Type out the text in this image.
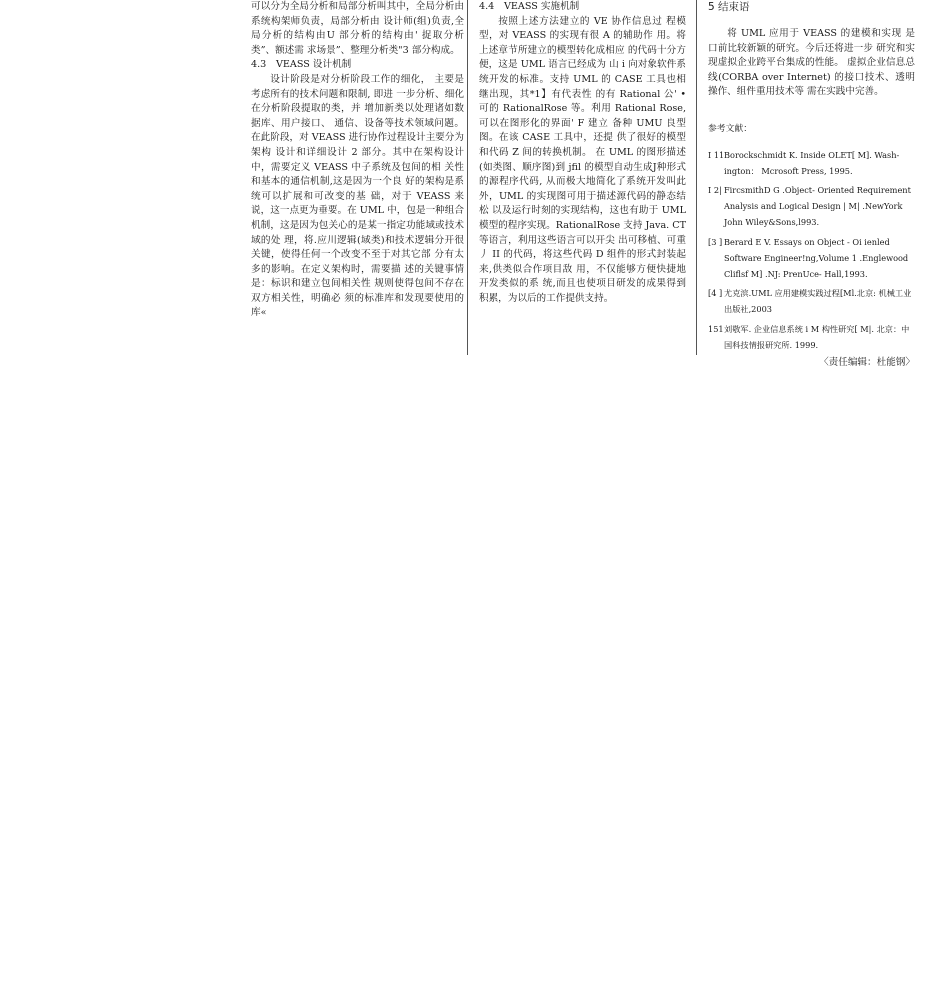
可以分为全局分析和局部分析叫其中，全局分析由系统构架师负责，局部分析由 设计师(组)负责,全局分析的结构由U 部分析的结构由' 捉取分析类”、额述需 求场景”、整理分析类"3 部分构成。

4.3 VEASS 设计机制

设计阶段是对分析阶段工作的细化， 主要是考虑所有的技术问题和限制, 即进 一步分析、细化在分析阶段提取的类，并 增加新类以处理诸如数据库、用户接口、 通信、设备等技术领域问题。在此阶段，对 VEASS 进行协作过程设计主要分为架构 设计和详细设计 2 部分。其中在架构设计 中，需要定义 VEASS 中子系统及包间的相 关性和基本的通信机制,这是因为一个良 好的架构是系统可以扩展和可改变的基 础，对于 VEASS 来说，这一点更为垂要。在 UML 中，包是一种组合机制，这是因为包关心的是某一指定功能域或技术域的处 理，将.应川逻辑(域类)和技术逻辑分开很 关键，使得任何一个改变不至于对其它部 分有太多的影响。在定义架构时，需要描 述的关键事情是：标识和建立包间相关性 规则使得包间不存在双方相关性，明确必 须的标准库和发现要使用的库«

4.4 VEASS 实施机制

按照上述方法建立的 VE 协作信息过 程模型，对 VEASS 的实现有很 A 的辅助作 用。将上述章节所建立的模型转化成相应 的代码十分方便，这是 UML 语言已经成为 山 i 向对象软件系统开发的标准。支持 UML 的 CASE 工具也相继出现，其*1】有代表性 的有 Rational 公' • 可的 RationalRose 等。利用 Rational Rose,可以在图形化的界面' F 建立 备种 UMU 良型图。在该 CASE 工具中，还提 供了很好的模型和代码 Z 间的转换机制。 在 UML 的图形描述(如类图、顺序图)到 jfil 的模型自动生成J种形式的源程序代码, 从而极大地简化了系统开发叫此外，UML 的实现图可用于描述源代码的静态结松 以及运行时刻的实现结构，这也有助于 UML 模型的程序实现。RationalRose 支持 Java. CT 等语言，利用这些语言可以开尖 出可移植、可重丿 II 的代码，将这些代码 D 组件的形式封装起来,供类似合作项目敌 用，不仅能够方便快捷地开发类似的系 统,而且也使项目研发的成果得到积累，为以后的工作提供支持。

5 结束语

将 UML 应用于 VEASS 的建模和实现 是口前比较新颖的研究。今后还将进一步 研究和实现虚拟企业跨平台集成的性能。 虚拟企业信息总线(CORBA over Internet) 的接口技术、透明操作、组件重用技术等 需在实践中完善。

参考文献：
I 11 Borockschmidt K. Inside OLET[ M]. Wash- ington： Mcrosoft Press, 1995.
I 2| FircsmithD G .Object- Oriented Requirement Analysis and Logical Design | M| .NewYork John Wiley&Sons,l993.
[3 ] Berard E V. Essays on Object - Oi ienled Software Engineer!ng,Volume 1 .Englewood Cliflsf M] .NJ: PrenUce- Hall,1993.
[4 ] 尤克滨.UML 应用建模实践过程[Ml.北京: 机械工业出版社,2003
151 刘敬军. 企业信息系统 i M 构性研究[ M|. 北京：中国科技情报研究所. 1999.

〈责任编辑：杜能钢〉
